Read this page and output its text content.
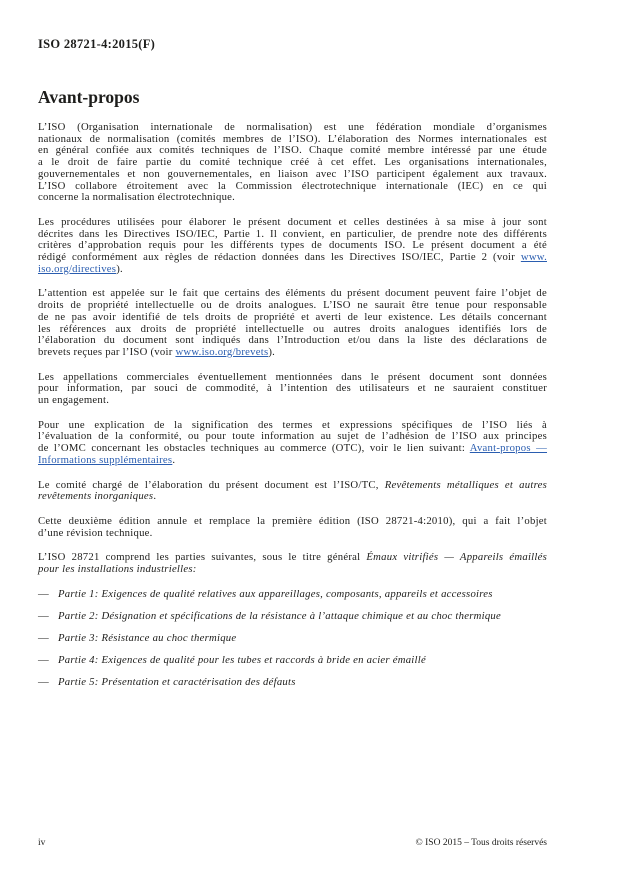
ISO 28721-4:2015(F)
Avant-propos
L’ISO (Organisation internationale de normalisation) est une fédération mondiale d’organismes
nationaux de normalisation (comités membres de l’ISO). L’élaboration des Normes internationales est
en général confiée aux comités techniques de l’ISO. Chaque comité membre intéressé par une étude
a le droit de faire partie du comité technique créé à cet effet. Les organisations internationales,
gouvernementales et non gouvernementales, en liaison avec l’ISO participent également aux travaux.
L’ISO collabore étroitement avec la Commission électrotechnique internationale (IEC) en ce qui
concerne la normalisation électrotechnique.
Les procédures utilisées pour élaborer le présent document et celles destinées à sa mise à jour sont
décrites dans les Directives ISO/IEC, Partie 1. Il convient, en particulier, de prendre note des différents
critères d’approbation requis pour les différents types de documents ISO. Le présent document a été
rédigé conformément aux règles de rédaction données dans les Directives ISO/IEC, Partie 2 (voir www.
iso.org/directives).
L’attention est appelée sur le fait que certains des éléments du présent document peuvent faire l’objet de
droits de propriété intellectuelle ou de droits analogues. L’ISO ne saurait être tenue pour responsable
de ne pas avoir identifié de tels droits de propriété et averti de leur existence. Les détails concernant
les références aux droits de propriété intellectuelle ou autres droits analogues identifiés lors de
l’élaboration du document sont indiqués dans l’Introduction et/ou dans la liste des déclarations de
brevets reçues par l’ISO (voir www.iso.org/brevets).
Les appellations commerciales éventuellement mentionnées dans le présent document sont données
pour information, par souci de commodité, à l’intention des utilisateurs et ne sauraient constituer
un engagement.
Pour une explication de la signification des termes et expressions spécifiques de l’ISO liés à
l’évaluation de la conformité, ou pour toute information au sujet de l’adhésion de l’ISO aux principes
de l’OMC concernant les obstacles techniques au commerce (OTC), voir le lien suivant: Avant-propos —
Informations supplémentaires.
Le comité chargé de l’élaboration du présent document est l’ISO/TC, Revêtements métalliques et autres
revêtements inorganiques.
Cette deuxième édition annule et remplace la première édition (ISO 28721-4:2010), qui a fait l’objet
d’une révision technique.
L’ISO 28721 comprend les parties suivantes, sous le titre général Émaux vitrifiés — Appareils émaillés
pour les installations industrielles:
— Partie 1: Exigences de qualité relatives aux appareillages, composants, appareils et accessoires
— Partie 2: Désignation et spécifications de la résistance à l’attaque chimique et au choc thermique
— Partie 3: Résistance au choc thermique
— Partie 4: Exigences de qualité pour les tubes et raccords à bride en acier émaillé
— Partie 5: Présentation et caractérisation des défauts
iv	© ISO 2015 – Tous droits réservés
